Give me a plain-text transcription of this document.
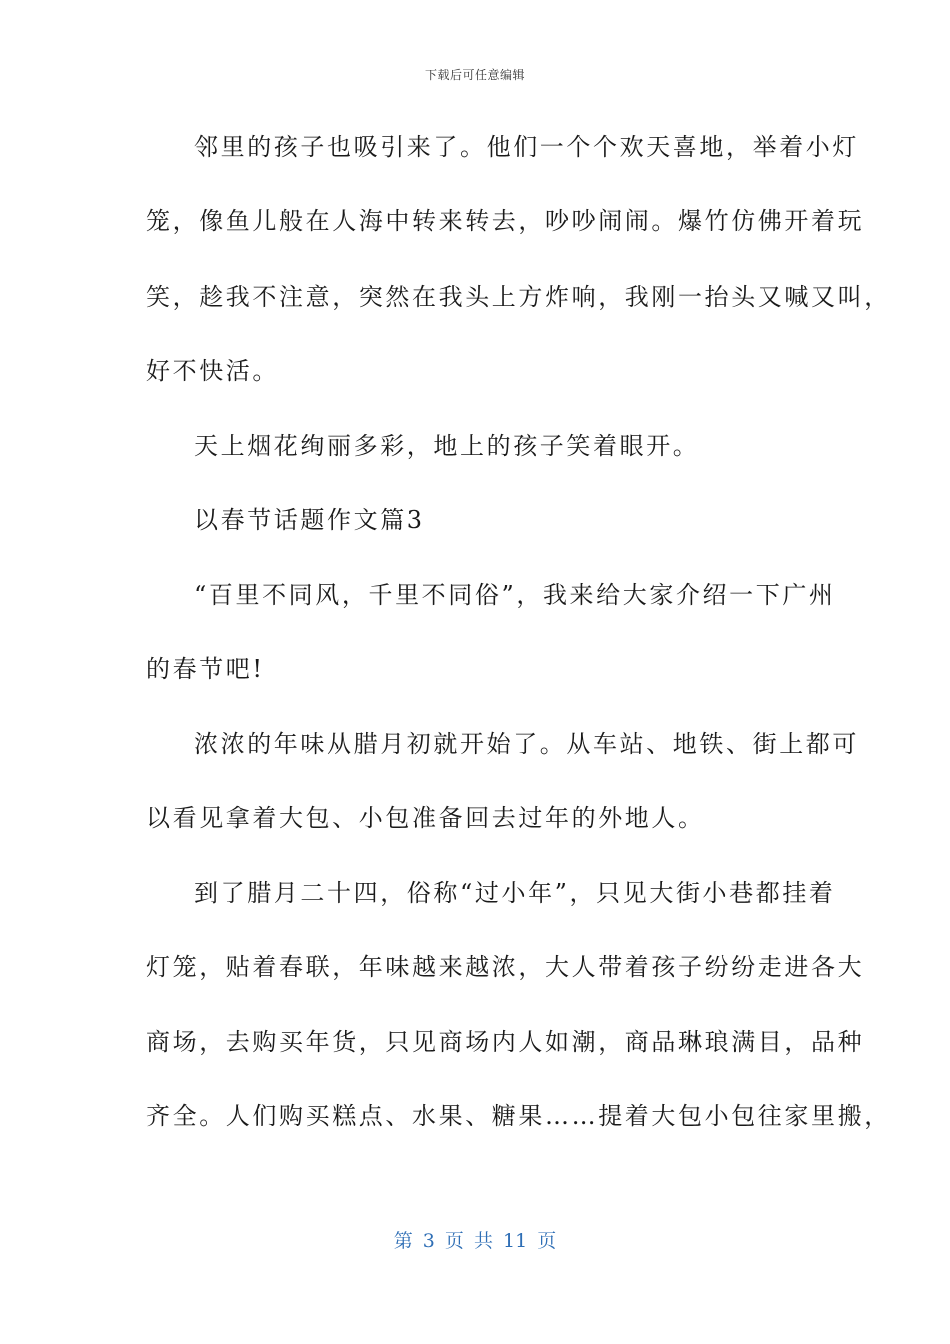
下载后可任意编辑
邻里的孩子也吸引来了。他们一个个欢天喜地，举着小灯
笼，像鱼儿般在人海中转来转去，吵吵闹闹。爆竹仿佛开着玩
笑，趁我不注意，突然在我头上方炸响，我刚一抬头又喊又叫，
好不快活。
天上烟花绚丽多彩，地上的孩子笑着眼开。
以春节话题作文篇3
“百里不同风，千里不同俗”，我来给大家介绍一下广州
的春节吧!
浓浓的年味从腊月初就开始了。从车站、地铁、街上都可
以看见拿着大包、小包准备回去过年的外地人。
到了腊月二十四，俗称“过小年”，只见大街小巷都挂着
灯笼，贴着春联，年味越来越浓，大人带着孩子纷纷走进各大
商场，去购买年货，只见商场内人如潮，商品琳琅满目，品种
齐全。人们购买糕点、水果、糖果……提着大包小包往家里搬，
第 3 页 共 11 页
